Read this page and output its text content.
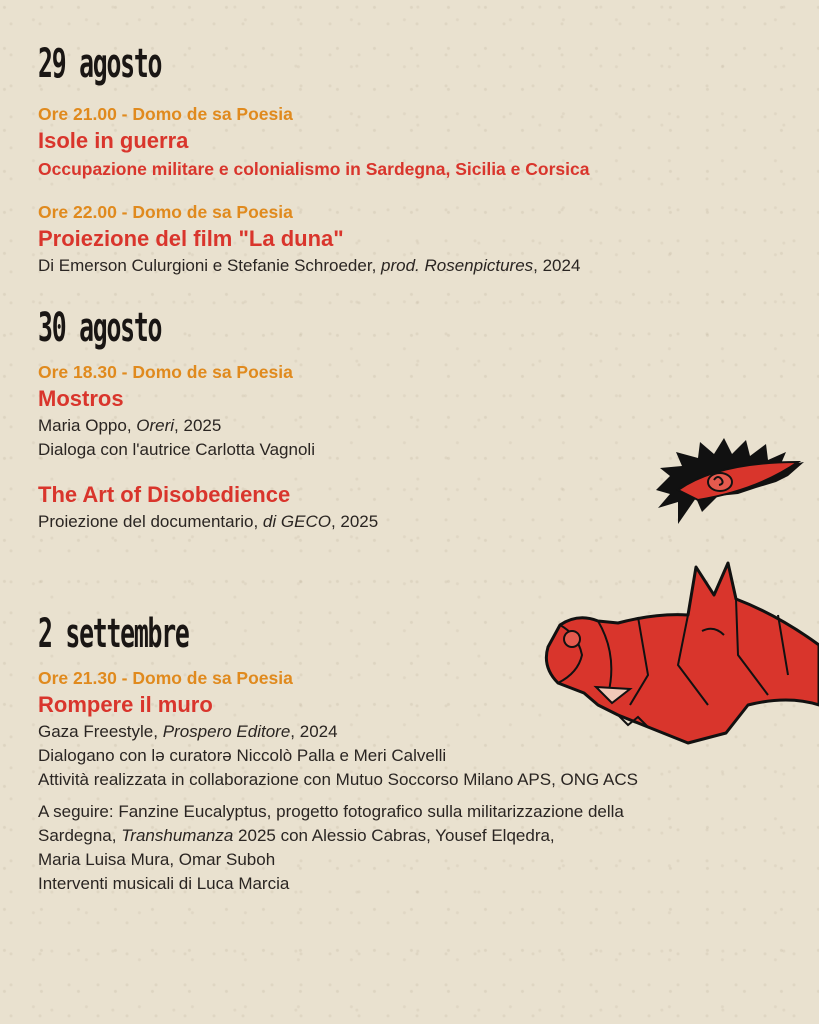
29 agosto

Ore 21.00 - Domo de sa Poesia

Isole in guerra

Occupazione militare e colonialismo in Sardegna, Sicilia e Corsica

Ore 22.00 - Domo de sa Poesia

Proiezione del film "La duna"

Di Emerson Culurgioni e Stefanie Schroeder, prod. Rosenpictures, 2024

30 agosto

Ore 18.30 - Domo de sa Poesia

Mostros

Maria Oppo, Oreri, 2025

Dialoga con l'autrice Carlotta Vagnoli

The Art of Disobedience

Proiezione del documentario, di GECO, 2025

2 settembre

Ore 21.30 - Domo de sa Poesia

Rompere il muro

Gaza Freestyle, Prospero Editore, 2024

Dialogano con lə curatorə Niccolò Palla e Meri Calvelli

Attività realizzata in collaborazione con Mutuo Soccorso Milano APS, ONG ACS

A seguire: Fanzine Eucalyptus, progetto fotografico sulla militarizzazione della

Sardegna, Transhumanza 2025 con Alessio Cabras, Yousef Elqedra,

Maria Luisa Mura, Omar Suboh

Interventi musicali di Luca Marcia
